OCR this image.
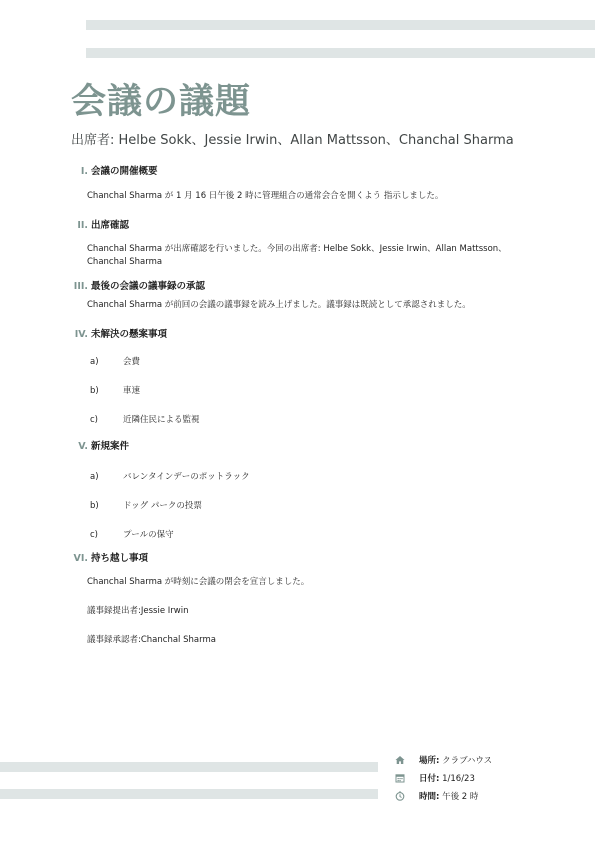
会議の議題
出席者: Helbe Sokk、Jessie Irwin、Allan Mattsson、Chanchal Sharma
I. 会議の開催概要
Chanchal Sharma が 1 月 16 日午後 2 時に管理組合の通常会合を開くよう 指示しました。
II. 出席確認
Chanchal Sharma が出席確認を行いました。今回の出席者: Helbe Sokk、Jessie Irwin、Allan Mattsson、Chanchal Sharma
III. 最後の会議の議事録の承認
Chanchal Sharma が前回の会議の議事録を読み上げました。議事録は既読として承認されました。
IV. 未解決の懸案事項
a)	会費
b)	車速
c)	近隣住民による監視
V. 新規案件
a)	バレンタインデーのポットラック
b)	ドッグ パークの投票
c)	プールの保守
VI. 持ち越し事項
Chanchal Sharma が時刻に会議の閉会を宣言しました。
議事録提出者:Jessie Irwin
議事録承認者:Chanchal Sharma
場所: クラブハウス
日付: 1/16/23
時間: 午後 2 時
